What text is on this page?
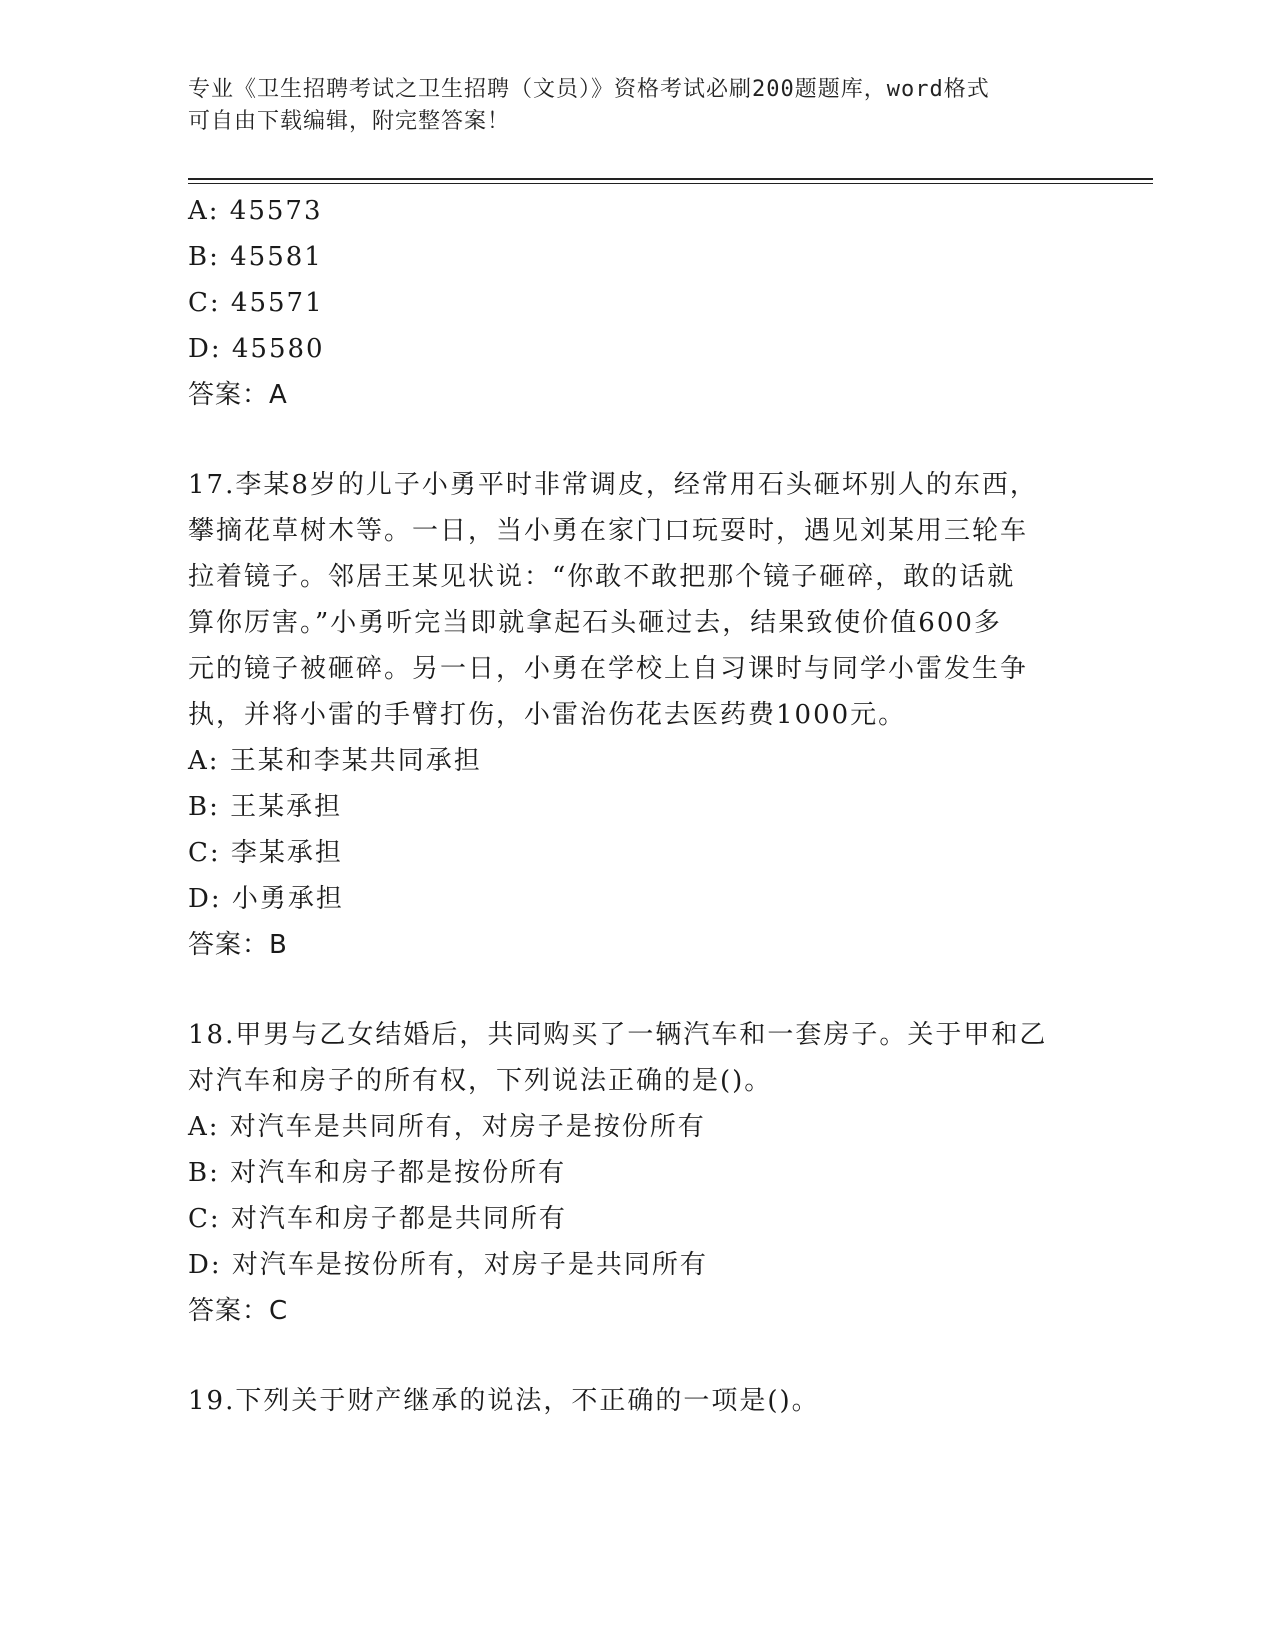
专业《卫生招聘考试之卫生招聘（文员）》资格考试必刷200题题库，word格式
可自由下载编辑，附完整答案！
A: 45573
B: 45581
C: 45571
D: 45580
答案：A
17.李某8岁的儿子小勇平时非常调皮，经常用石头砸坏别人的东西，
攀摘花草树木等。一日，当小勇在家门口玩耍时，遇见刘某用三轮车
拉着镜子。邻居王某见状说：“你敢不敢把那个镜子砸碎，敢的话就
算你厉害。”小勇听完当即就拿起石头砸过去，结果致使价值600多
元的镜子被砸碎。另一日，小勇在学校上自习课时与同学小雷发生争
执，并将小雷的手臂打伤，小雷治伤花去医药费1000元。
A: 王某和李某共同承担
B: 王某承担
C: 李某承担
D: 小勇承担
答案：B
18.甲男与乙女结婚后，共同购买了一辆汽车和一套房子。关于甲和乙
对汽车和房子的所有权，下列说法正确的是()。
A: 对汽车是共同所有，对房子是按份所有
B: 对汽车和房子都是按份所有
C: 对汽车和房子都是共同所有
D: 对汽车是按份所有，对房子是共同所有
答案：C
19.下列关于财产继承的说法，不正确的一项是()。
